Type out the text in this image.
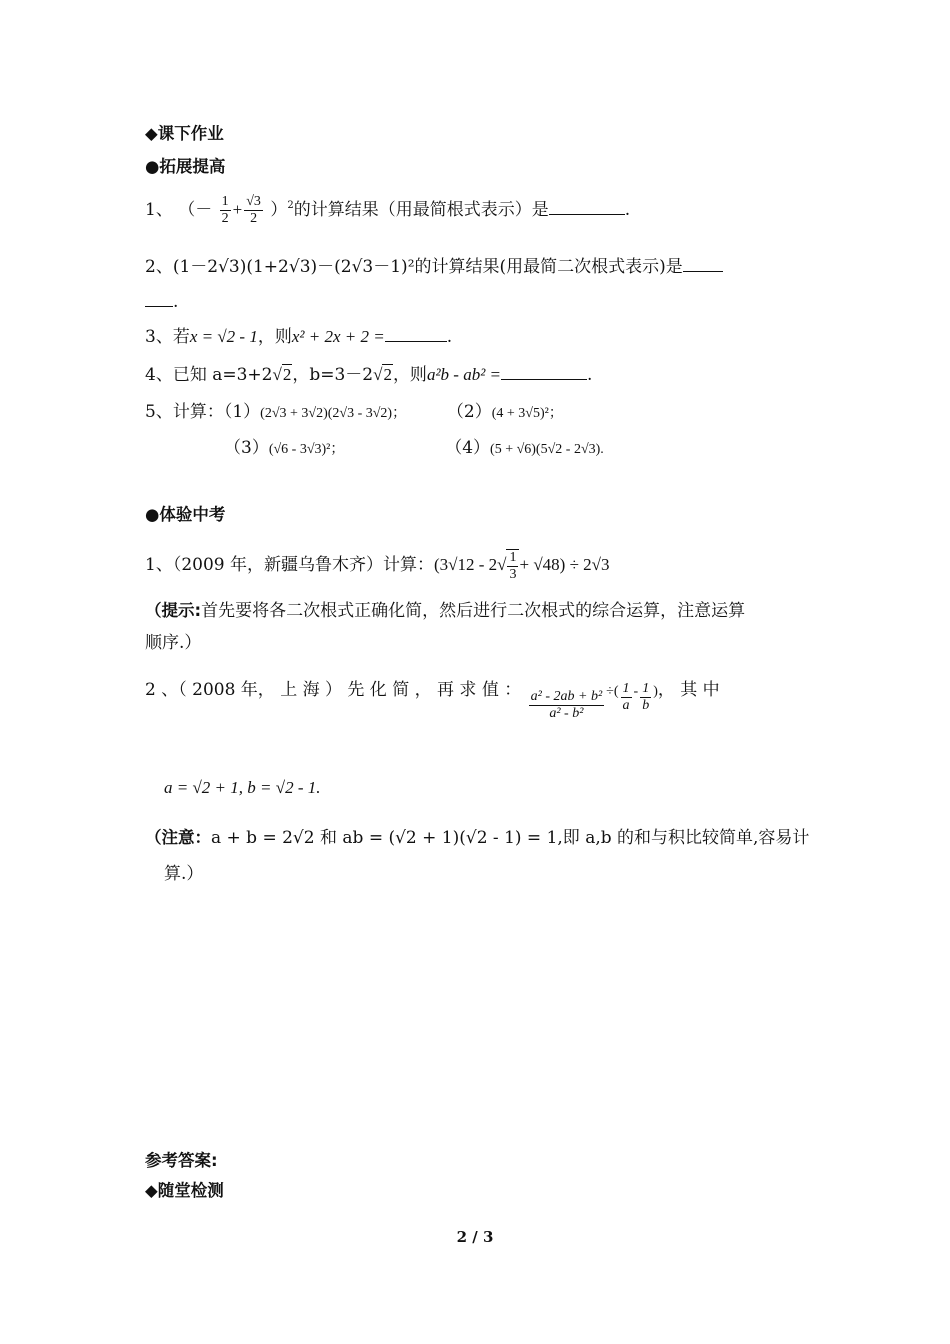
◆课下作业
●拓展提高
1、 （－ $\frac{1}{2} + \frac{√3}{2} )^2$的计算结果（用最简根式表示）是	.
2、(1－2√3)(1+2√3)－(2√3－1)²的计算结果(用最简二次根式表示)是
.
3、若x = √2 - 1，则x² + 2x + 2 =	.
4、已知 a=3+2√2，b=3－2√2，则a²b - ab² =	.
5、计算：（1）(2√3 + 3√2)(2√3 - 3√2)； （2）(4 + 3√5)²；
（3）(√6 - 3√3)²；	（4）(5 + √6)(5√2 - 2√3).
●体验中考
1、（2009 年，新疆乌鲁木齐）计算：$(3√12 - 2√ \frac{1}{3} + √48) \div 2√3$
（提示:首先要将各二次根式正确化简，然后进行二次根式的综合运算，注意运算
顺序.）
2 、（ 2008 年， 上 海 ） 先 化 简 ， 再 求 值 ： $\frac{\text{a² - 2ab + b²}}{\text{a² - b²}}$ ÷( $\frac{1}{a} - \frac{1}{b}$ )， 其 中
a = √2 + 1, b = √2 - 1.
（注意：a + b = 2√2 和 ab = (√2 + 1)(√2 - 1) = 1,即 a,b 的和与积比较简单,容易计
算.）
参考答案:
◆随堂检测
2 / 3
